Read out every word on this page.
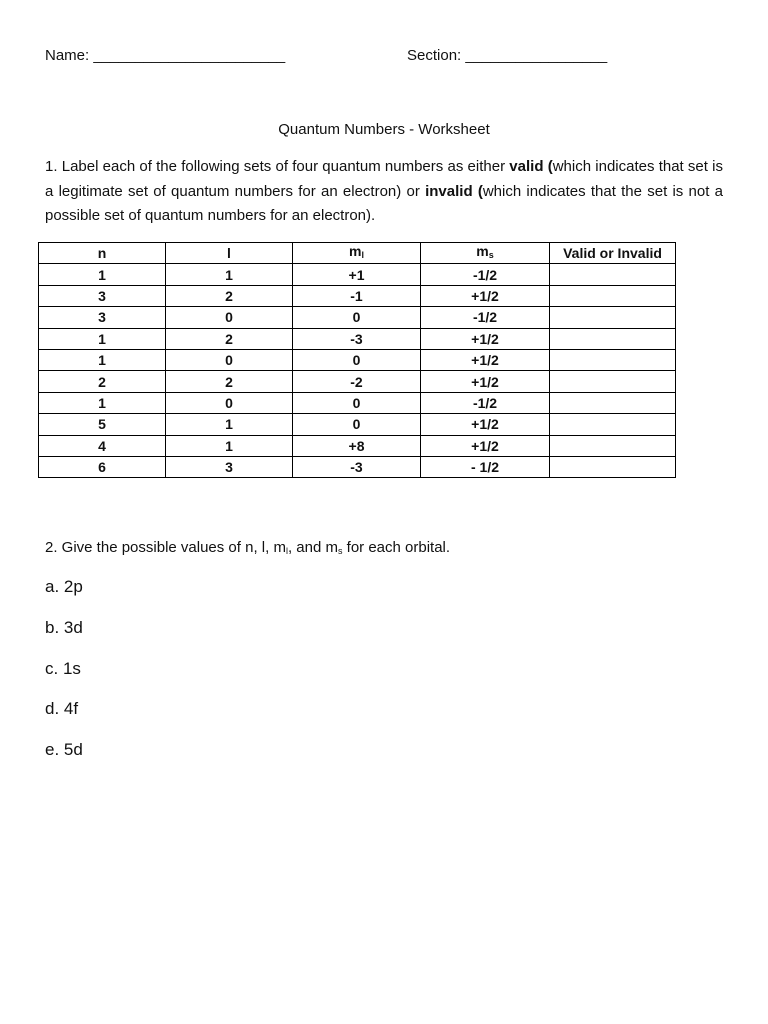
Name: _______________________	Section: _________________
Quantum Numbers - Worksheet
1. Label each of the following sets of four quantum numbers as either valid (which indicates that set is a legitimate set of quantum numbers for an electron) or invalid (which indicates that the set is not a possible set of quantum numbers for an electron).
n	l	$m_l$	$m_s$	Valid or Invalid
1	1	+1	-1/2	
3	2	-1	+1/2	
3	0	0	-1/2	
1	2	-3	+1/2	
1	0	0	+1/2	
2	2	-2	+1/2	
1	0	0	-1/2	
5	1	0	+1/2	
4	1	+8	+1/2	
6	3	-3	- 1/2	
2. Give the possible values of n, l, $m_l$, and $m_s$ for each orbital.
a. 2p
b. 3d
c. 1s
d. 4f
e. 5d
